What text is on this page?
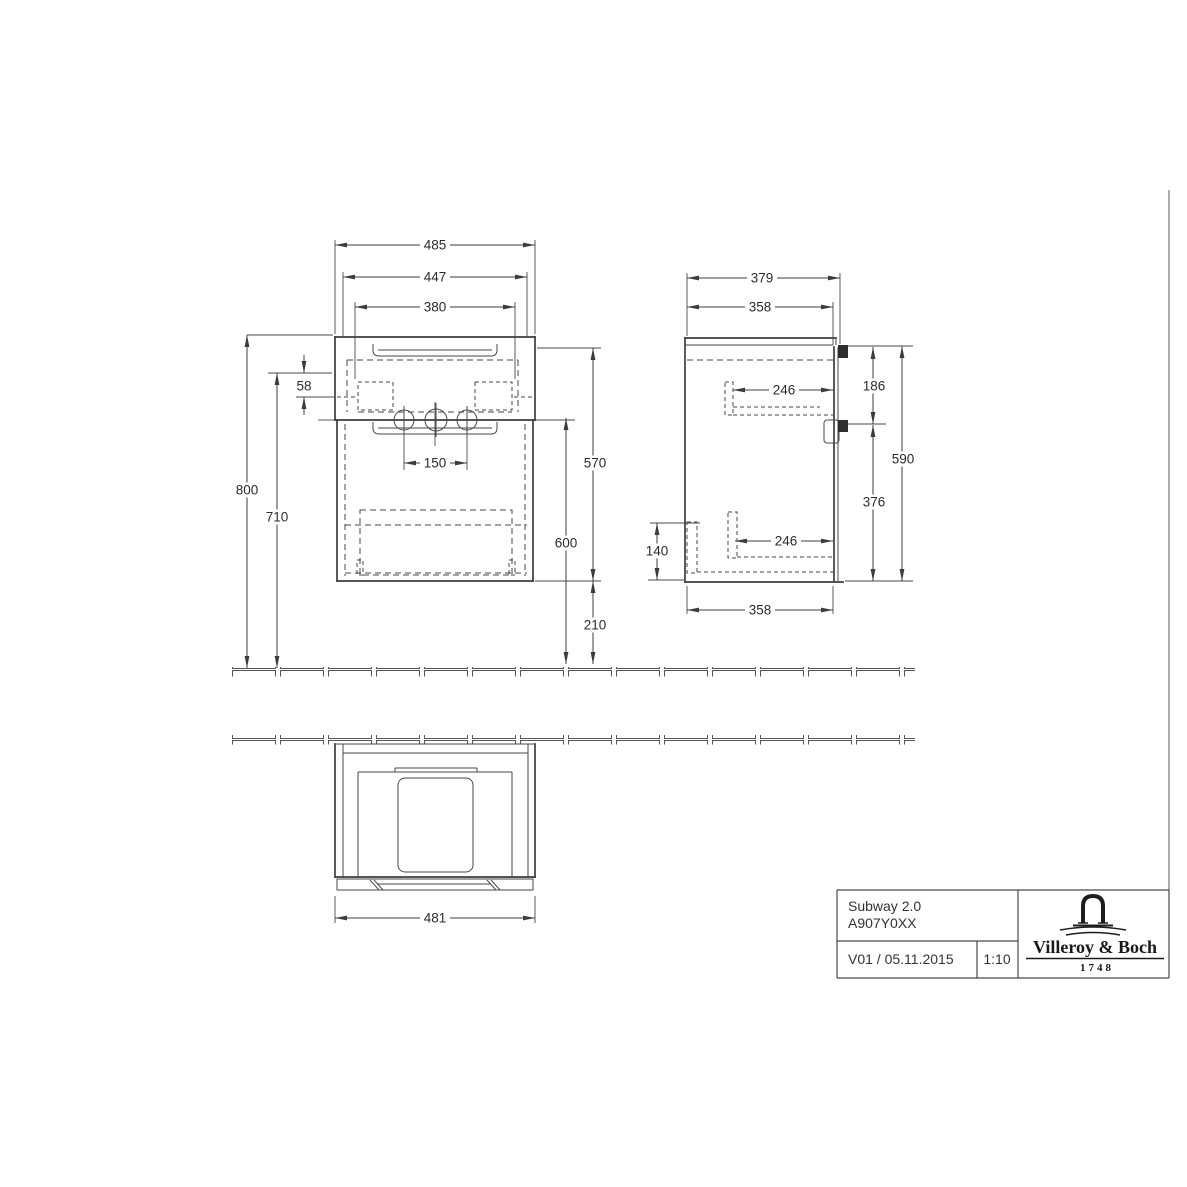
485
447
380
800
710
58
150
600
570
210
379
358
246
246
140
186
376
590
358
481
Subway 2.0
A907Y0XX
V01 / 05.11.2015 1:10
Villeroy & Boch
1748
